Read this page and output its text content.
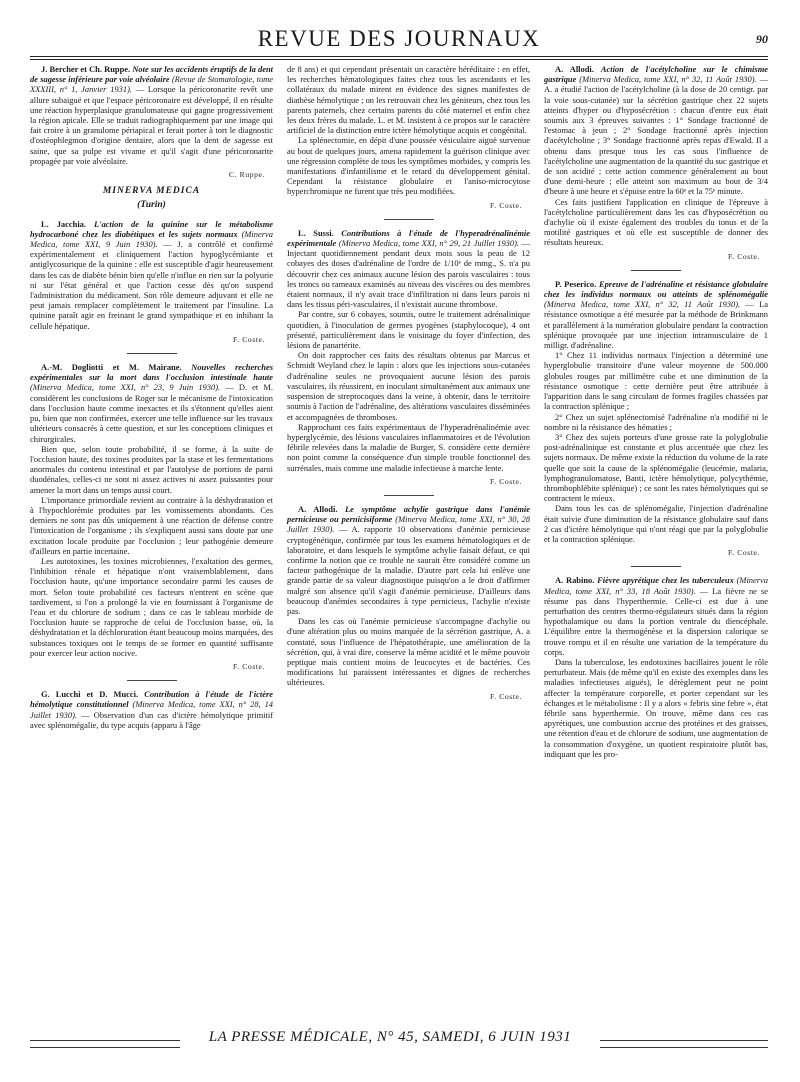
REVUE DES JOURNAUX	90

J. Bercher et Ch. Ruppe. Note sur les accidents éruptifs de la dent de sagesse inférieure par voie alvéolaire (Revue de Stomatologie, tome XXXIII, n° 1, Janvier 1931). — Lorsque la péricoronarite revêt une allure subaiguë et que l'espace péricoronaire est développé, il en résulte une réaction hyperplasique granulomateuse qui gagne progressivement la région apicale. Elle se traduit radiographiquement par une image qui fait croire à un granulome périapical et ferait porter à tort le diagnostic d'ostéophlegmon d'origine dentaire, alors que la dent de sagesse est saine, que sa pulpe est vivante et qu'il s'agit d'une péricoronarite propagée par voie alvéolaire.

C. Ruppe.
MINERVA MEDICA
(Turin)

L. Jacchia. L'action de la quinine sur le métabolisme hydrocarboné chez les diabétiques et les sujets normaux (Minerva Medica, tome XXI, 9 Juin 1930). — J. a contrôlé et confirmé expérimentalement et cliniquement l'action hypoglycémiante et antiglycosurique de la quinine : elle est susceptible d'agir heureusement dans les cas de diabète bénin bien qu'elle n'influe en rien sur la polyurie ni sur l'état général et que l'action cesse dès qu'on suspend l'administration du médicament. Son rôle demeure adjuvant et elle ne peut jamais remplacer complètement le traitement par l'insuline. La quinine paraît agir en freinant le grand sympathique et en inhibant la cellule hépatique.

F. Coste.

A.-M. Dogliotti et M. Mairane. Nouvelles recherches expérimentales sur la mort dans l'occlusion intestinale haute (Minerva Medica, tome XXI, n° 23, 9 Juin 1930). — D. et M. considèrent les conclusions de Roger sur le mécanisme de l'intoxication dans l'occlusion haute comme inexactes et ils s'étonnent qu'elles aient pu, bien que non confirmées, exercer une telle influence sur les travaux ultérieurs consacrés à cette question, et sur les conceptions cliniques et chirurgicales.

Bien que, selon toute probabilité, il se forme, à la suite de l'occlusion haute, des toxines produites par la stase et les fermentations anormales du contenu intestinal et par l'autolyse de portions de paroi duodénales, celles-ci ne sont ni assez actives ni assez puissantes pour amener la mort dans un temps aussi court.

L'importance primordiale revient au contraire à la déshydratation et à l'hypochlorémie produites par les vomissements abondants. Ces derniers ne sont pas dûs uniquement à une réaction de défense contre l'intoxication de l'organisme ; ils s'expliquent aussi sans doute par une excitation locale produite par l'occlusion ; leur pathogénie demeure d'ailleurs en partie incertaine.

Les autotoxines, les toxines microbiennes, l'exaltation des germes, l'inhibition rénale et hépatique n'ont vraisemblablement, dans l'occlusion haute, qu'une importance secondaire parmi les causes de mort. Selon toute probabilité ces facteurs n'entrent en scène que tardivement, si l'on a prolongé la vie en fournissant à l'organisme de l'eau et du chlorure de sodium ; dans ce cas le tableau morbide de l'occlusion haute se rapproche de celui de l'occlusion basse, où, la déshydratation et la déchloruration étant beaucoup moins marquées, des substances toxiques ont le temps de se former en quantité suffisante pour exercer leur action nocive.

F. Coste.

G. Lucchi et D. Mucci. Contribution à l'étude de l'ictère hémolytique constitutionnel (Minerva Medica, tome XXI, n° 28, 14 Juillet 1930). — Observation d'un cas d'ictère hémolytique primitif avec splénomégalie, du type acquis (apparu à l'âge

de 8 ans) et qui cependant présentait un caractère héréditaire : en effet, les recherches hématologiques faites chez tous les ascendants et les collatéraux du malade mirent en évidence des signes manifestes de diathèse hémolytique ; on les retrouvait chez les géniteurs, chez tous les parents paternels, chez certains parents du côté maternel et enfin chez les deux frères du malade. L. et M. insistent à ce propos sur le caractère artificiel de la distinction entre ictère hémolytique acquis et congénital.

La splénectomie, en dépit d'une poussée vésiculaire aiguë survenue au bout de quelques jours, amena rapidement la guérison clinique avec une régression complète de tous les symptômes morbides, y compris les manifestations d'infantilisme et le retard du développement génital. Cependant la résistance globulaire et l'aniso-microcytose hyperchromique ne furent que très peu modifiées.

F. Coste.

L. Sussi. Contributions à l'étude de l'hyperadrénalinémie expérimentale (Minerva Medica, tome XXI, n° 29, 21 Juillet 1930). — Injectant quotidiennement pendant deux mois sous la peau de 12 cobayes des doses d'adrénaline de l'ordre de 1/10ᵉ de mmg., S. n'a pu découvrir chez ces animaux aucune lésion des parois vasculaires : tous les troncs ou rameaux examinés au niveau des viscères ou des membres étaient normaux, il n'y avait trace d'infiltration ni dans leurs parois ni dans les tissus péri-vasculaires, il n'existait aucune thrombose.

Par contre, sur 6 cobayes, soumis, outre le traitement adrénalinique quotidien, à l'inoculation de germes pyogènes (staphylocoque), 4 ont présenté, particulièrement dans le voisinage du foyer d'infection, des lésions de panartérite.

On doit rapprocher ces faits des résultats obtenus par Marcus et Schmidt Weyland chez le lapin : alors que les injections sous-cutanées d'adrénaline seules ne provoquaient aucune lésion des parois vasculaires, ils réussirent, en inoculant simultanément aux animaux une suspension de streptocoques dans la veine, à obtenir, dans le territoire soumis à l'action de l'adrénaline, des altérations vasculaires disséminées et accompagnées de thromboses.

Rapprochant ces faits expérimentaux de l'hyperadrénalinémie avec hyperglycémie, des lésions vasculaires inflammatoires et de l'évolution fébrile relevées dans la maladie de Burger, S. considère cette dernière non point comme la conséquence d'un simple trouble fonctionnel des surrénales, mais comme une maladie infectieuse à marche lente.

F. Coste.

A. Allodi. Le symptôme achylie gastrique dans l'anémie pernicieuse ou pernicisiforme (Minerva Medica, tome XXI, n° 30, 28 Juillet 1930). — A. rapporte 10 observations d'anémie pernicieuse cryptogénétique, confirmée par tous les examens hématologiques et de laboratoire, et dans lesquels le symptôme achylie faisait défaut, ce qui confirme la notion que ce trouble ne saurait être considéré comme un facteur pathogénique de la maladie. D'autre part cela lui enlève une grande partie de sa valeur diagnostique puisqu'on a le droit d'affirmer malgré son absence qu'il s'agit d'anémie pernicieuse. D'ailleurs dans beaucoup d'anémies secondaires à type pernicieux, l'achylie n'existe pas.

Dans les cas où l'anémie pernicieuse s'accompagne d'achylie ou d'une altération plus ou moins marquée de la sécrétion gastrique, A. a constaté, sous l'influence de l'hépatothérapie, une amélioration de la sécrétion, qui, à vrai dire, conserve la même acidité et le même pouvoir peptique mais contient moins de leucocytes et de bactéries. Ces modifications lui paraissent intéressantes et dignes de recherches ultérieures.

F. Coste.

A. Allodi. Action de l'acétylcholine sur le chimisme gastrique (Minerva Medica, tome XXI, n° 32, 11 Août 1930). — A. a étudié l'action de l'acétylcholine (à la dose de 20 centigr. par la voie sous-cutanée) sur la sécrétion gastrique chez 22 sujets atteints d'hyper ou d'hyposécrétion : chacun d'entre eux était soumis aux 3 épreuves suivantes : 1° Sondage fractionné de l'estomac à jeun ; 2° Sondage fractionné après injection d'acétylcholine ; 3° Sondage fractionné après repas d'Ewald. Il a obtenu dans presque tous les cas sous l'influence de l'acétylcholine une augmentation de la quantité du suc gastrique et de son acidité ; cette action commence généralement au bout d'une demi-heure ; elle atteint son maximum au bout de 3/4 d'heure à une heure et s'épuise entre la 60ᵉ et la 75ᵉ minute.

Ces faits justifient l'application en clinique de l'épreuve à l'acétylcholine particulièrement dans les cas d'hyposécrétion ou d'achylie où il existe également des troubles du tonus et de la motilité gastriques et où elle est susceptible de donner des résultats heureux.

F. Coste.

P. Peserico. Epreuve de l'adrénaline et résistance globulaire chez les individus normaux ou atteints de splénomégalie (Minerva Medica, tome XXI, n° 32, 11 Août 1930). — La résistance osmotique a été mesurée par la méthode de Brinkmann et parallèlement à la numération globulaire pendant la contraction splénique provoquée par une injection intramusculaire de 1 milligr. d'adrénaline.

1° Chez 11 individus normaux l'injection a déterminé une hyperglobulie transitoire d'une valeur moyenne de 500.000 globules rouges par millimètre cube et une diminution de la résistance osmotique : cette dernière peut être attribuée à l'apparition dans le sang circulant de formes fragiles chassées par la contraction splénique ;

2° Chez un sujet splénectomisé l'adrénaline n'a modifié ni le nombre ni la résistance des hématies ;

3° Chez des sujets porteurs d'une grosse rate la polyglobulie post-adrénalinique est constante et plus accentuée que chez les sujets normaux. De même existe la réduction du volume de la rate quelle que soit la cause de la splénomégalie (leucémie, malaria, lymphogranulomatose, Banti, ictère hémolytique, polycythémie, thrombophlébite splénique) ; ce sont les rates hémolytiques qui se contractent le mieux.

Dans tous les cas de splénomégalie, l'injection d'adrénaline était suivie d'une diminution de la résistance globulaire sauf dans 2 cas d'ictère hémolytique qui n'ont réagi que par la polyglobulie et la contraction splénique.

F. Coste.

A. Rabino. Fièvre apyrétique chez les tuberculeux (Minerva Medica, tome XXI, n° 33, 18 Août 1930). — La fièvre ne se résume pas dans l'hyperthermie. Celle-ci est due à une perturbation des centres thermo-régulateurs situés dans la région hypothalamique ou dans la portion ventrale du diencéphale. L'équilibre entre la thermogénèse et la dispersion calorique se trouve rompu et il en résulte une variation de la température du corps.

Dans la tuberculose, les endotoxines bacillaires jouent le rôle perturbateur. Mais (de même qu'il en existe des exemples dans les maladies infectieuses aiguës), le dérèglement peut ne point affecter la température corporelle, et porter cependant sur les échanges et le métabolisme : Il y a alors « febris sine febre », état fébrile sans hyperthermie. On trouve, même dans ces cas apyrétiques, une combustion accrue des protéines et des graisses, une rétention d'eau et de chlorure de sodium, une augmentation de la consommation d'oxygène, un quotient respiratoire plutôt bas, indiquant que les pro-

LA PRESSE MÉDICALE, N° 45, SAMEDI, 6 JUIN 1931
